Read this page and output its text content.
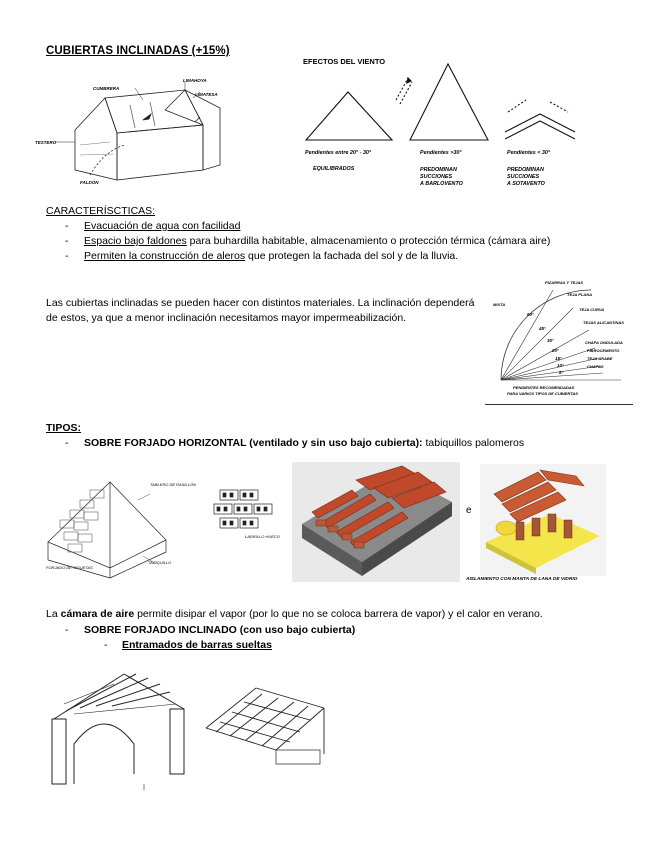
CUBIERTAS INCLINADAS (+15%)
LIMAHOYA
CUMBRERA
LIMATESA
TESTERO
FALDÓN
EFECTOS DEL VIENTO
Pendientes entre 20° - 30°
EQUILIBRADOS
Pendientes >30°
PREDOMINAN
SUCCIONES
A BARLOVENTO
Pendientes < 30°
PREDOMINAN
SUCCIONES
A SOTAVENTO
CARACTERÍSCTICAS:
- Evacuación de agua con facilidad
- Espacio bajo faldones para buhardilla habitable, almacenamiento o protección térmica (cámara aire)
- Permiten la construcción de aleros que protegen la fachada del sol y de la lluvia.
Las cubiertas inclinadas se pueden hacer con distintos materiales. La inclinación dependerá de estos, ya que a menor inclinación necesitamos mayor impermeabilización.
PIZARRAS Y TEJAS
TEJA PLANA
MIXTA
TEJA CURVA
TEJAS ALICANTINAS
CHAPA ONDULADA
FIBROCEMENTO
TEJA ÁRABE
CHAPAS
60°
45°
30°
20°
15°
10°
5°
PENDIENTES RECOMENDADAS
PARA VARIOS TIPOS DE CUBIERTAS
TIPOS:
- SOBRE FORJADO HORIZONTAL (ventilado y sin uso bajo cubierta): tabiquillos palomeros
TABLERO DE RASILLÓN
TABIQUILLO
FORJADO DE VIGUETAS
LADRILLO HUECO
e
AISLAMIENTO CON MANTA DE LANA DE VIDRIO
La cámara de aire permite disipar el vapor (por lo que no se coloca barrera de vapor) y el calor en verano.
- SOBRE FORJADO INCLINADO (con uso bajo cubierta)
- Entramados de barras sueltas
